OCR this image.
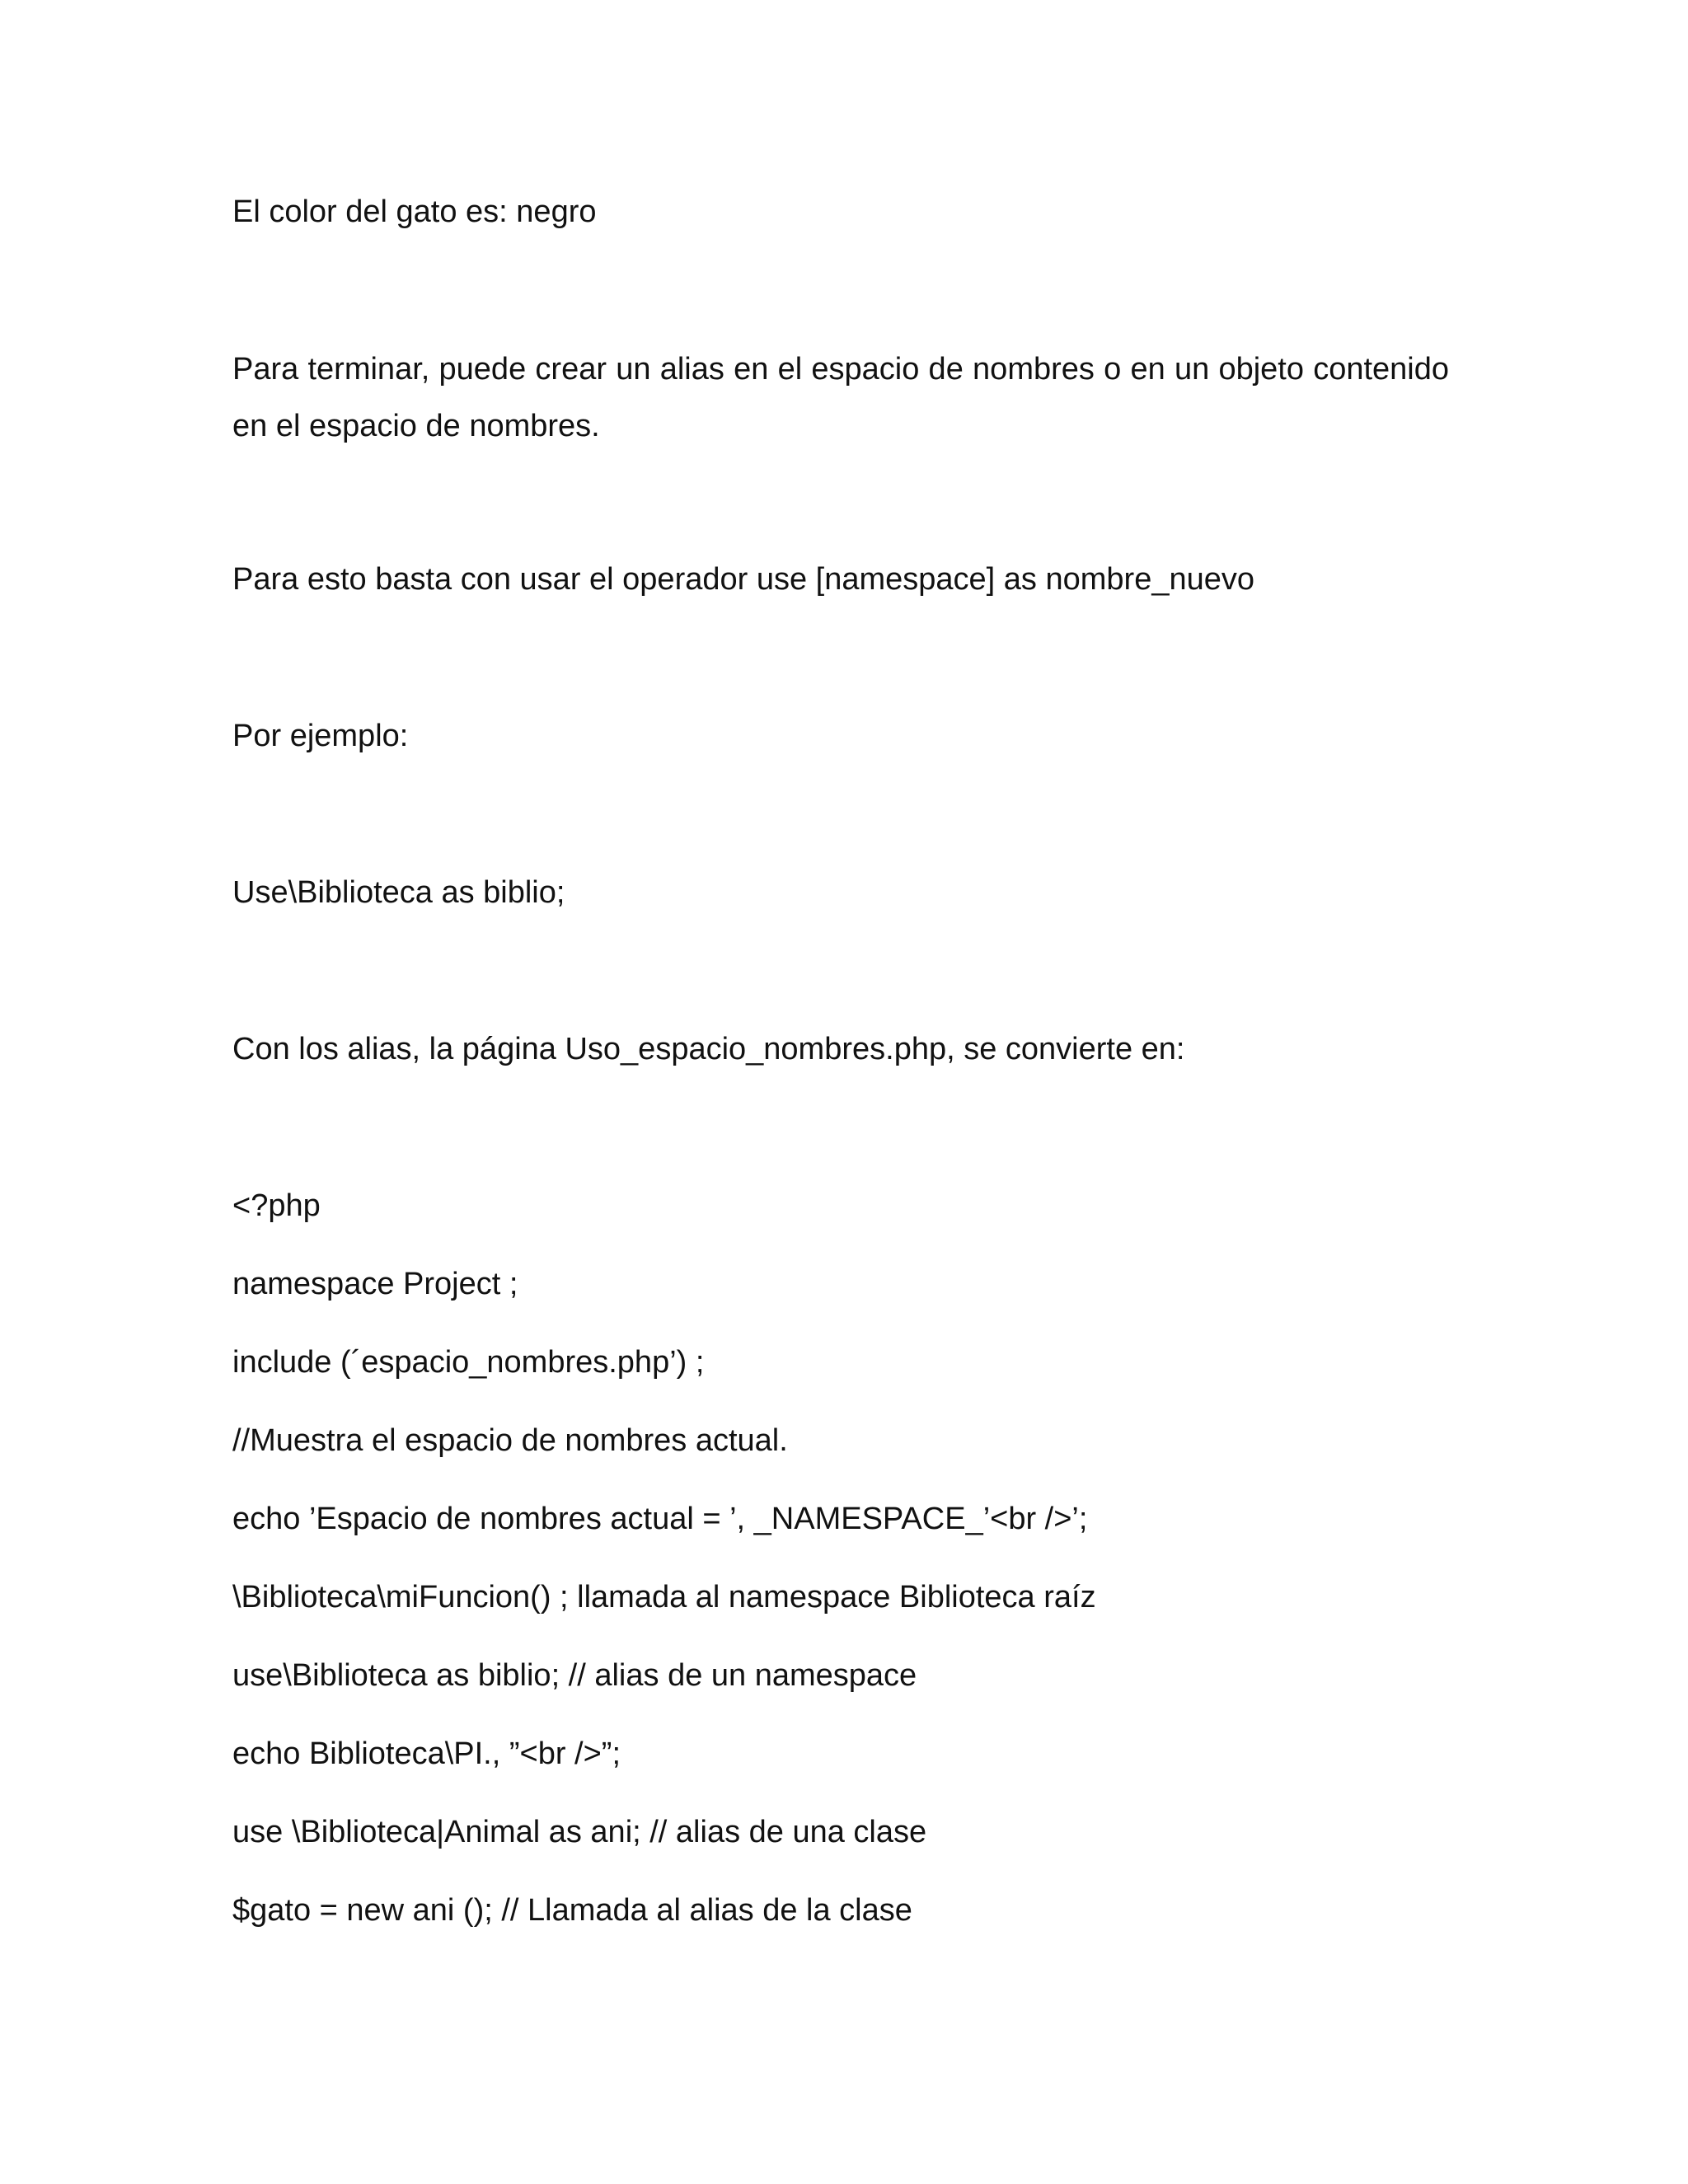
El color del gato es: negro

Para terminar, puede crear un alias en el espacio de nombres o en un objeto contenido en el espacio de nombres.

Para esto basta con usar el operador use [namespace] as nombre_nuevo

Por ejemplo:

Use\Biblioteca as biblio;

Con los alias, la página Uso_espacio_nombres.php, se convierte en:

<?php

namespace Project ;

include (´espacio_nombres.php’) ;

//Muestra el espacio de nombres actual.

echo ’Espacio de nombres actual = ’, _NAMESPACE_’<br />’;

\Biblioteca\miFuncion() ; llamada al namespace Biblioteca raíz

use\Biblioteca as biblio; // alias de un namespace

echo Biblioteca\PI., ”<br />”;

use \Biblioteca|Animal as ani; // alias de una clase

$gato = new ani (); // Llamada al alias de la clase
